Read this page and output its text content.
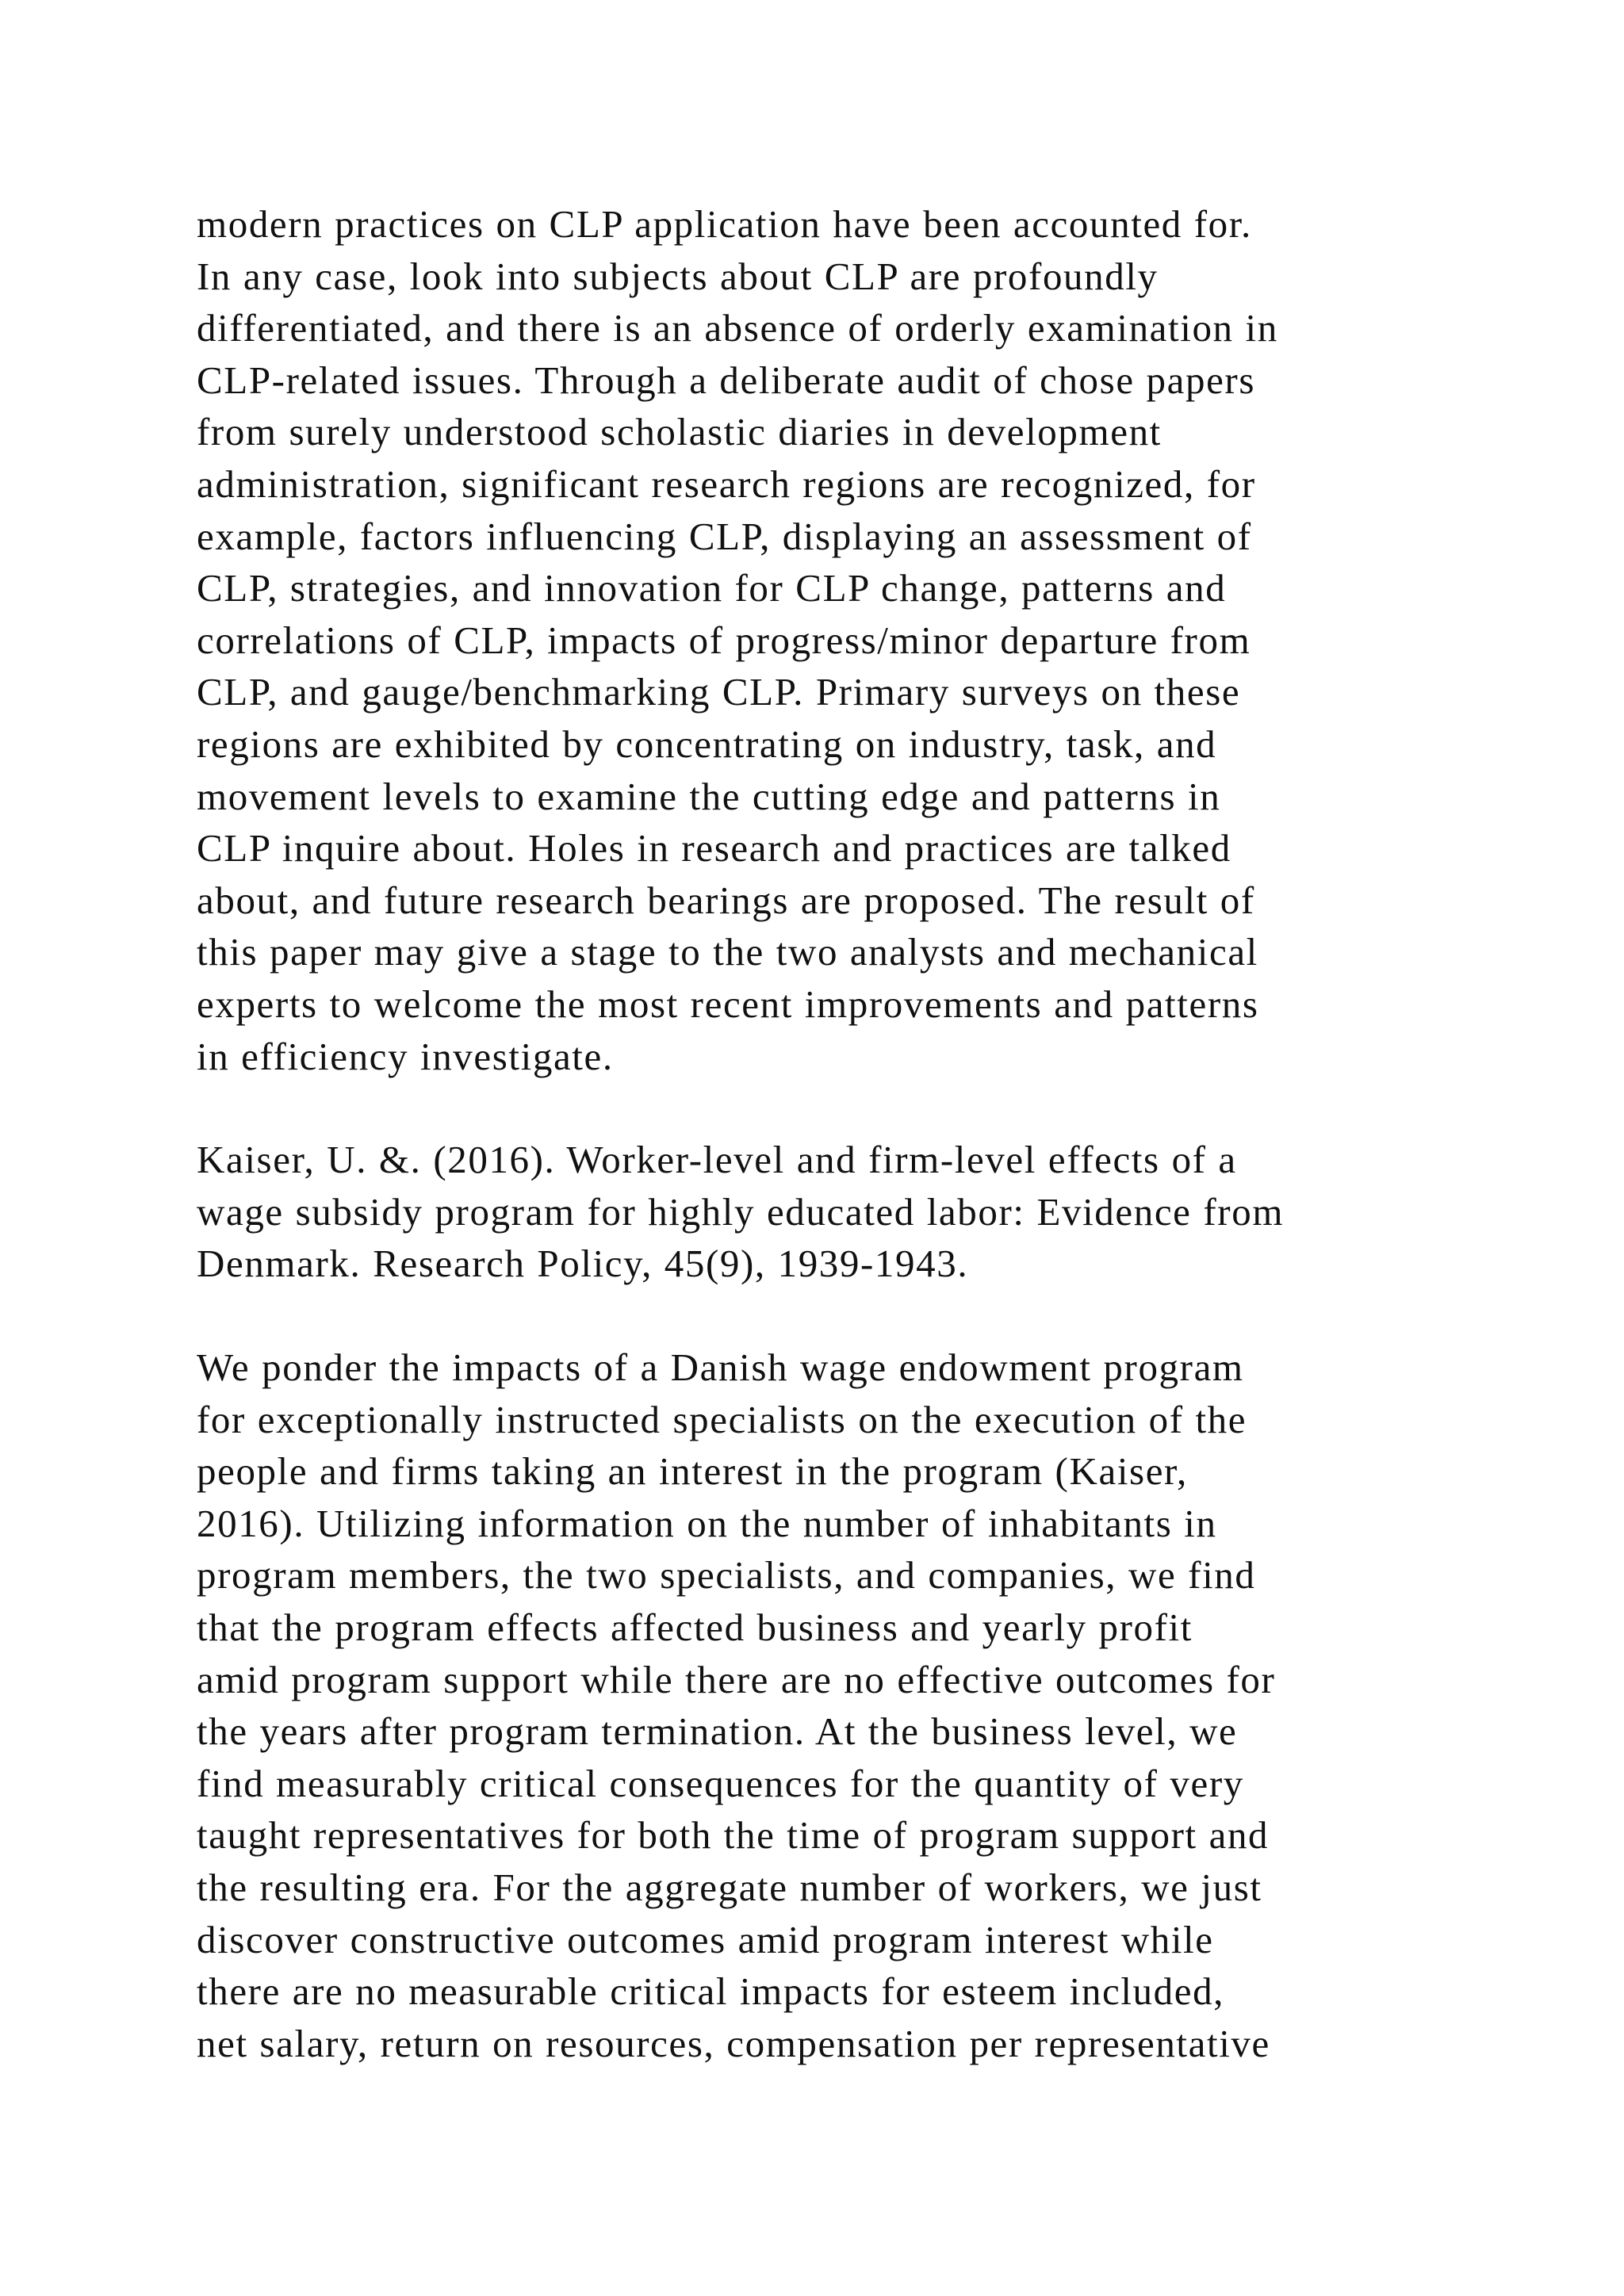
modern practices on CLP application have been accounted for.
In any case, look into subjects about CLP are profoundly
differentiated, and there is an absence of orderly examination in
CLP-related issues. Through a deliberate audit of chose papers
from surely understood scholastic diaries in development
administration, significant research regions are recognized, for
example, factors influencing CLP, displaying an assessment of
CLP, strategies, and innovation for CLP change, patterns and
correlations of CLP, impacts of progress/minor departure from
CLP, and gauge/benchmarking CLP. Primary surveys on these
regions are exhibited by concentrating on industry, task, and
movement levels to examine the cutting edge and patterns in
CLP inquire about. Holes in research and practices are talked
about, and future research bearings are proposed. The result of
this paper may give a stage to the two analysts and mechanical
experts to welcome the most recent improvements and patterns
in efficiency investigate.
Kaiser, U. &. (2016). Worker-level and firm-level effects of a
wage subsidy program for highly educated labor: Evidence from
Denmark. Research Policy, 45(9), 1939-1943.
We ponder the impacts of a Danish wage endowment program
for exceptionally instructed specialists on the execution of the
people and firms taking an interest in the program (Kaiser,
2016). Utilizing information on the number of inhabitants in
program members, the two specialists, and companies, we find
that the program effects affected business and yearly profit
amid program support while there are no effective outcomes for
the years after program termination. At the business level, we
find measurably critical consequences for the quantity of very
taught representatives for both the time of program support and
the resulting era. For the aggregate number of workers, we just
discover constructive outcomes amid program interest while
there are no measurable critical impacts for esteem included,
net salary, return on resources, compensation per representative
